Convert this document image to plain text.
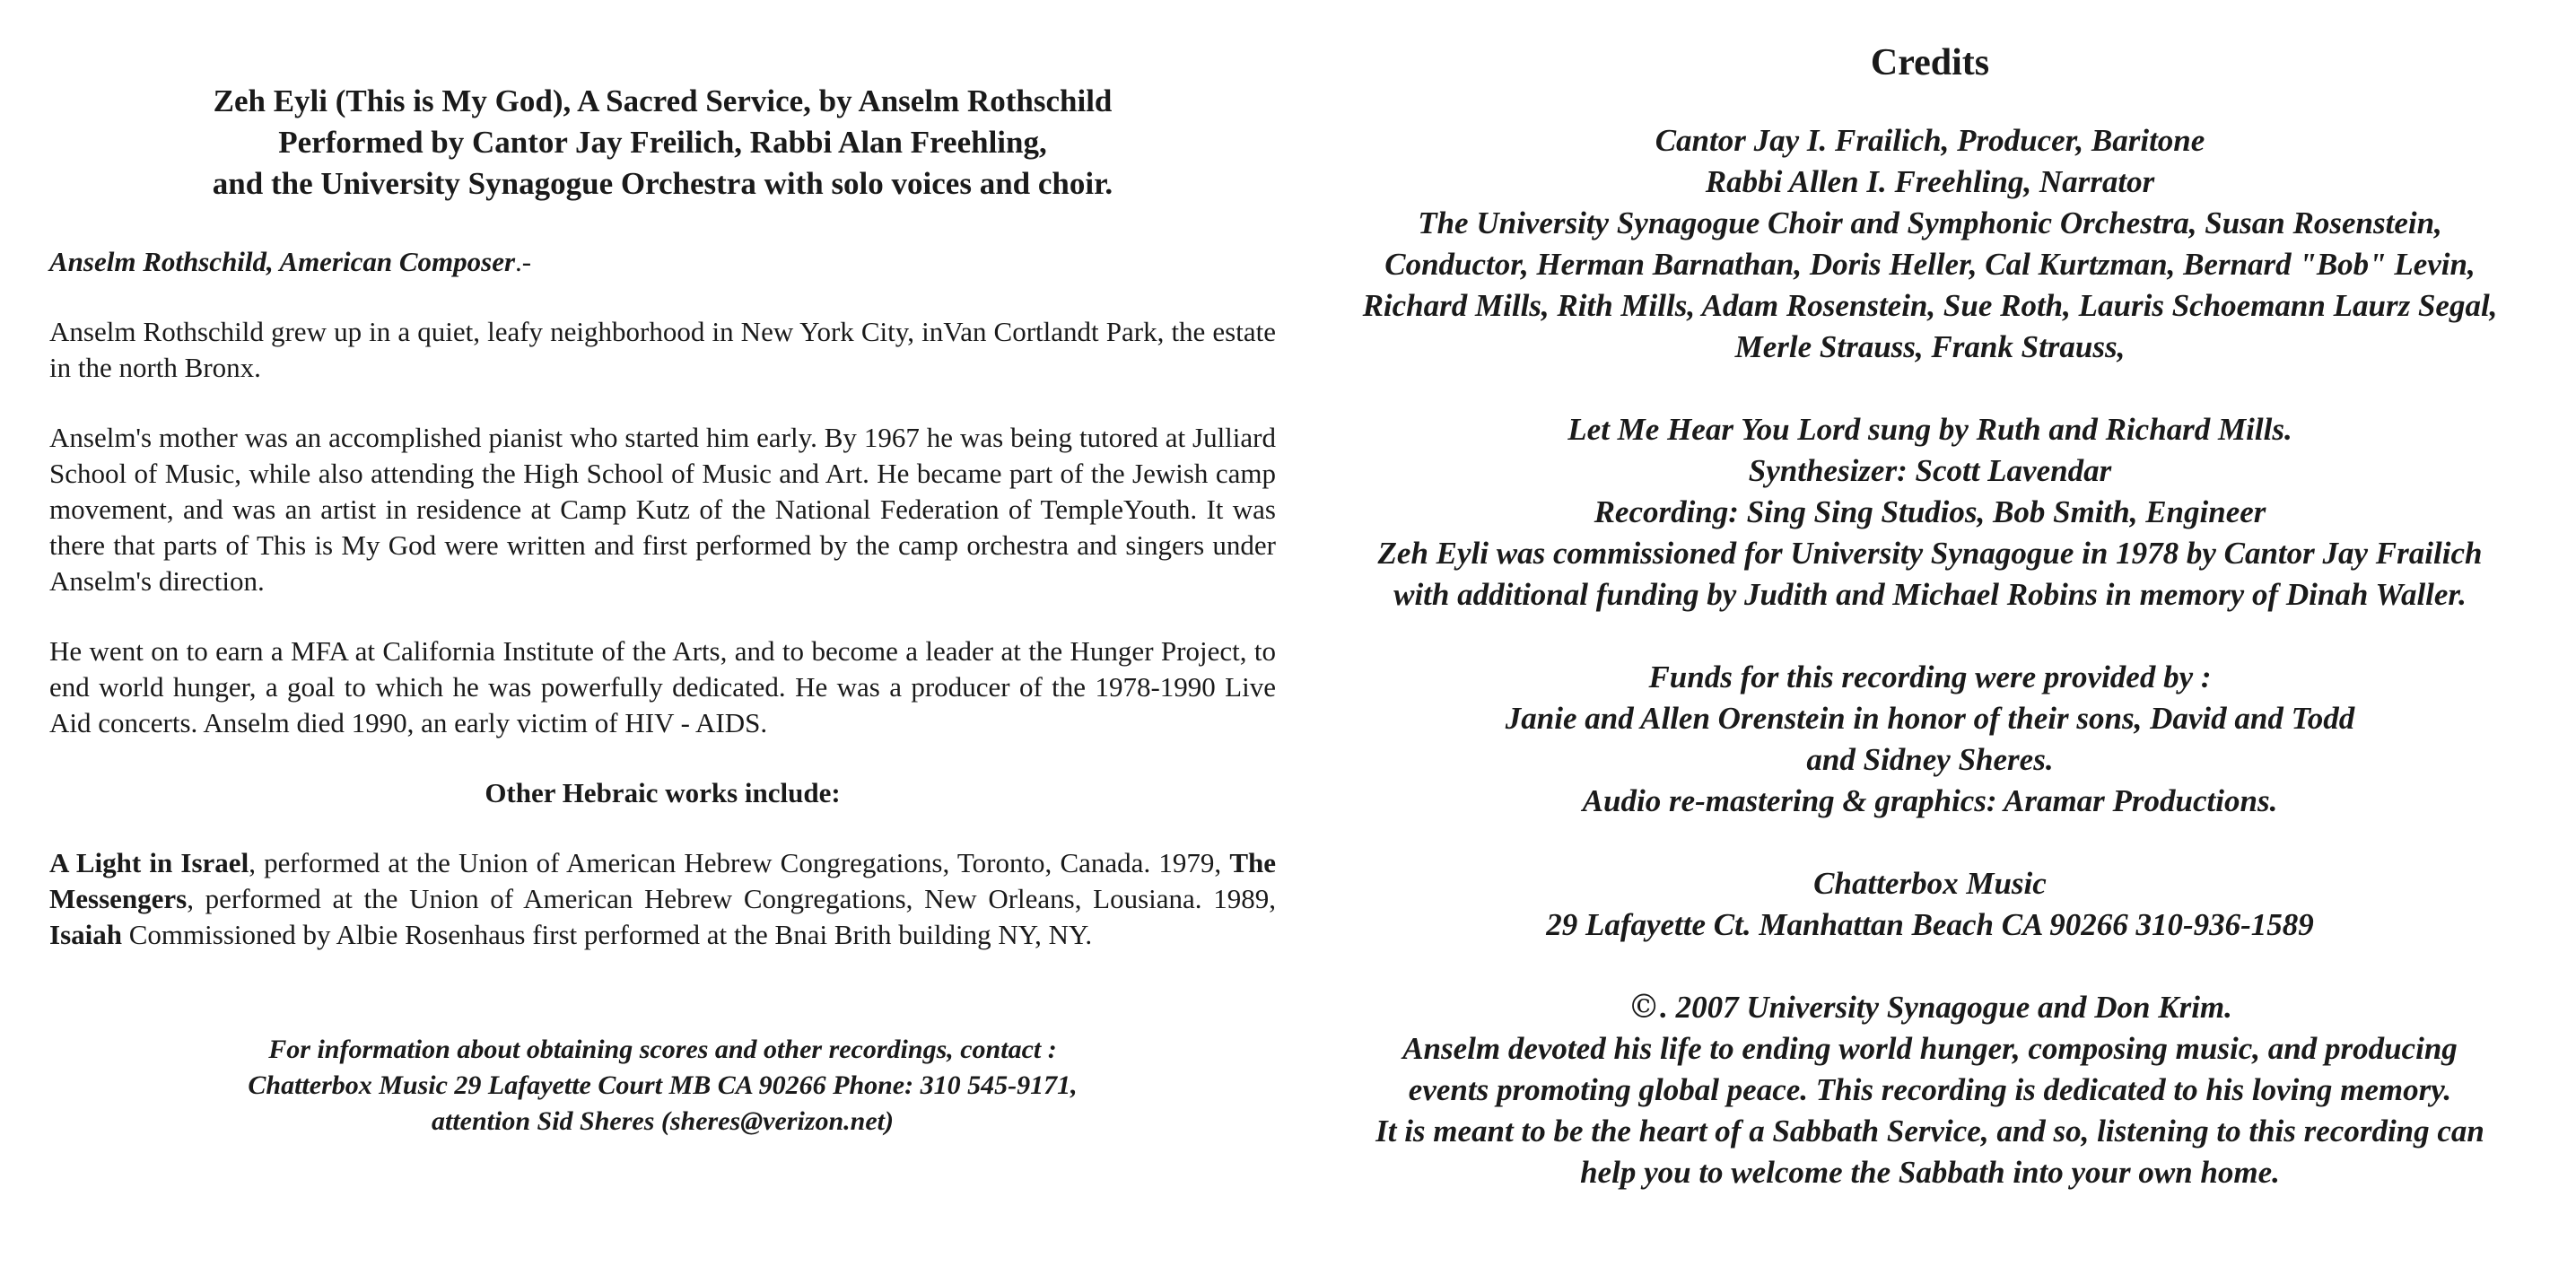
Zeh Eyli (This is My God), A Sacred Service, by Anselm Rothschild
Performed by Cantor Jay Freilich, Rabbi Alan Freehling,
and the University Synagogue Orchestra with solo voices and choir.

Anselm Rothschild, American Composer.-

Anselm Rothschild grew up in a quiet, leafy neighborhood in New York City, inVan Cortlandt Park, the estate in the north Bronx.

Anselm's mother was an accomplished pianist who started him early. By 1967 he was being tutored at Julliard School of Music, while also attending the High School of Music and Art. He became part of the Jewish camp movement, and was an artist in residence at Camp Kutz of the National Federation of TempleYouth. It was there that parts of This is My God were written and first performed by the camp orchestra and singers under Anselm's direction.

He went on to earn a MFA at California Institute of the Arts, and to become a leader at the Hunger Project, to end world hunger, a goal to which he was powerfully dedicated. He was a producer of the 1978-1990 Live Aid concerts. Anselm died 1990, an early victim of HIV - AIDS.

Other Hebraic works include:

A Light in Israel, performed at the Union of American Hebrew Congregations, Toronto, Canada. 1979, The Messengers, performed at the Union of American Hebrew Congregations, New Orleans, Lousiana. 1989, Isaiah Commissioned by Albie Rosenhaus first performed at the Bnai Brith building NY, NY.

For information about obtaining scores and other recordings, contact :
Chatterbox Music 29 Lafayette Court MB CA 90266 Phone: 310 545-9171,
attention Sid Sheres (sheres@verizon.net)

Credits

Cantor Jay I. Frailich, Producer, Baritone
Rabbi Allen I. Freehling, Narrator
The University Synagogue Choir and Symphonic Orchestra, Susan Rosenstein,
Conductor, Herman Barnathan, Doris Heller, Cal Kurtzman, Bernard "Bob" Levin,
Richard Mills, Rith Mills, Adam Rosenstein, Sue Roth, Lauris Schoemann Laurz Segal,
Merle Strauss, Frank Strauss,

Let Me Hear You Lord sung by Ruth and Richard Mills.
Synthesizer: Scott Lavendar
Recording: Sing Sing Studios, Bob Smith, Engineer
Zeh Eyli was commissioned for University Synagogue in 1978 by Cantor Jay Frailich
with additional funding by Judith and Michael Robins in memory of Dinah Waller.

Funds for this recording were provided by :
Janie and Allen Orenstein in honor of their sons, David and Todd
and Sidney Sheres.
Audio re-mastering & graphics: Aramar Productions.

Chatterbox Music
29 Lafayette Ct. Manhattan Beach CA 90266 310-936-1589

©. 2007 University Synagogue and Don Krim.
Anselm devoted his life to ending world hunger, composing music, and producing
events promoting global peace. This recording is dedicated to his loving memory.
It is meant to be the heart of a Sabbath Service, and so, listening to this recording can
help you to welcome the Sabbath into your own home.
